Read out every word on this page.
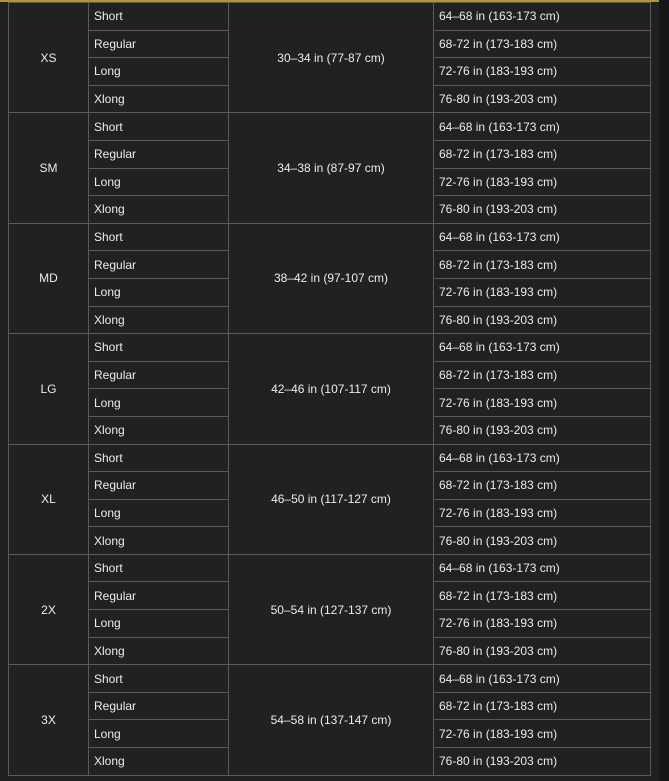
XS	Short	30–34 in (77-87 cm)	64–68 in (163-173 cm)
	Regular		68-72 in (173-183 cm)
	Long		72-76 in (183-193 cm)
	Xlong		76-80 in (193-203 cm)
SM	Short	34–38 in (87-97 cm)	64–68 in (163-173 cm)
	Regular		68-72 in (173-183 cm)
	Long		72-76 in (183-193 cm)
	Xlong		76-80 in (193-203 cm)
MD	Short	38–42 in (97-107 cm)	64–68 in (163-173 cm)
	Regular		68-72 in (173-183 cm)
	Long		72-76 in (183-193 cm)
	Xlong		76-80 in (193-203 cm)
LG	Short	42–46 in (107-117 cm)	64–68 in (163-173 cm)
	Regular		68-72 in (173-183 cm)
	Long		72-76 in (183-193 cm)
	Xlong		76-80 in (193-203 cm)
XL	Short	46–50 in (117-127 cm)	64–68 in (163-173 cm)
	Regular		68-72 in (173-183 cm)
	Long		72-76 in (183-193 cm)
	Xlong		76-80 in (193-203 cm)
2X	Short	50–54 in (127-137 cm)	64–68 in (163-173 cm)
	Regular		68-72 in (173-183 cm)
	Long		72-76 in (183-193 cm)
	Xlong		76-80 in (193-203 cm)
3X	Short	54–58 in (137-147 cm)	64–68 in (163-173 cm)
	Regular		68-72 in (173-183 cm)
	Long		72-76 in (183-193 cm)
	Xlong		76-80 in (193-203 cm)
